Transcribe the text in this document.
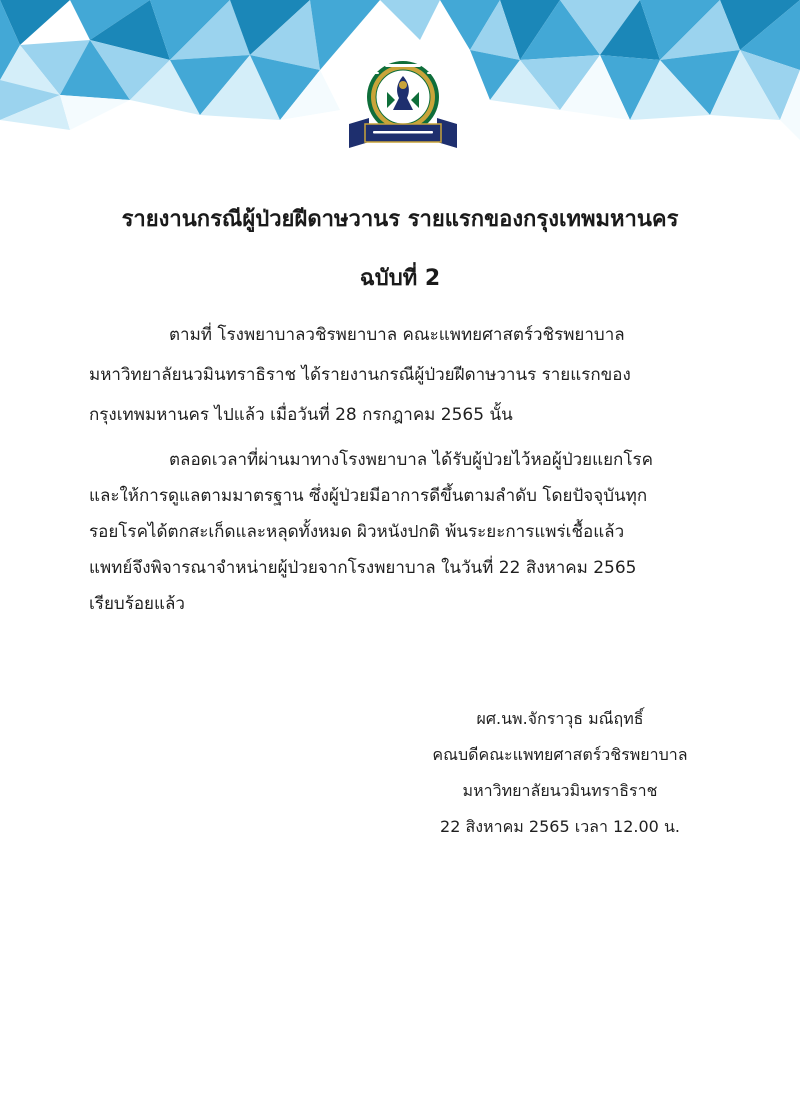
รายงานกรณีผู้ป่วยฝีดาษวานร รายแรกของกรุงเทพมหานคร
ฉบับที่ 2
ตามที่ โรงพยาบาลวชิรพยาบาล คณะแพทยศาสตร์วชิรพยาบาล
มหาวิทยาลัยนวมินทราธิราช ได้รายงานกรณีผู้ป่วยฝีดาษวานร รายแรกของ
กรุงเทพมหานคร ไปแล้ว เมื่อวันที่ 28 กรกฎาคม 2565 นั้น
ตลอดเวลาที่ผ่านมาทางโรงพยาบาล ได้รับผู้ป่วยไว้หอผู้ป่วยแยกโรค
และให้การดูแลตามมาตรฐาน ซึ่งผู้ป่วยมีอาการดีขึ้นตามลำดับ โดยปัจจุบันทุก
รอยโรคได้ตกสะเก็ดและหลุดทั้งหมด ผิวหนังปกติ พ้นระยะการแพร่เชื้อแล้ว
แพทย์จึงพิจารณาจำหน่ายผู้ป่วยจากโรงพยาบาล ในวันที่ 22 สิงหาคม 2565
เรียบร้อยแล้ว
ผศ.นพ.จักราวุธ มณีฤทธิ์
คณบดีคณะแพทยศาสตร์วชิรพยาบาล
มหาวิทยาลัยนวมินทราธิราช
22 สิงหาคม 2565 เวลา 12.00 น.
